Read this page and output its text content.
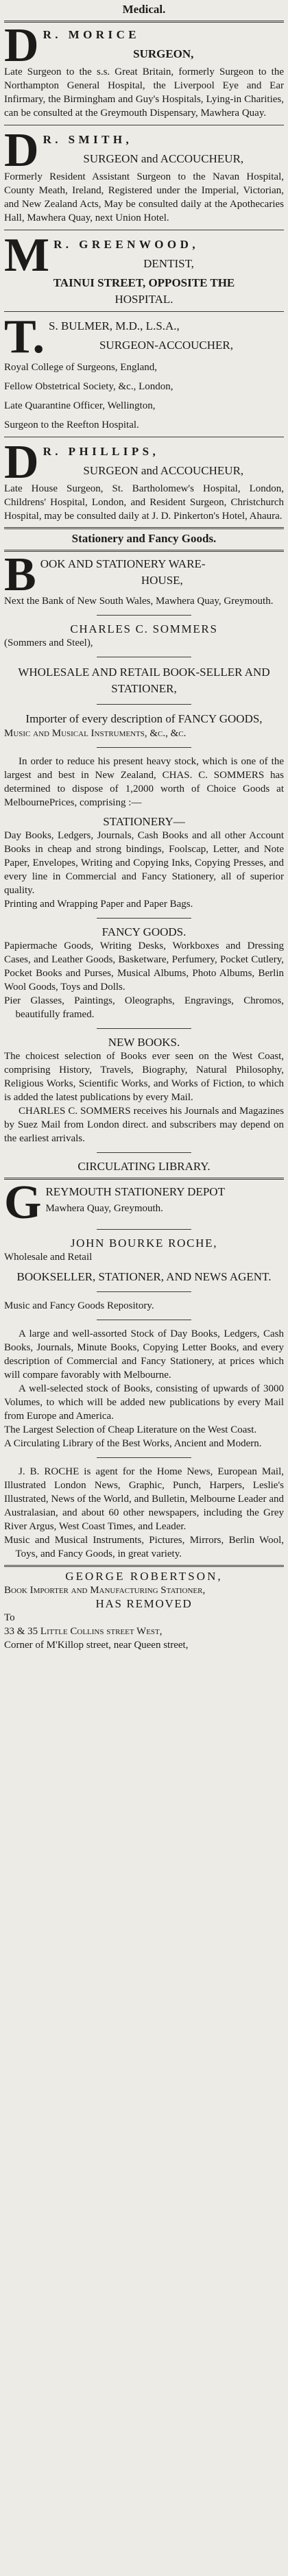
Medical.
D R. MORICE
SURGEON,

Late Surgeon to the s.s. Great Britain, formerly Surgeon to the Northampton General Hospital, the Liverpool Eye and Ear Infirmary, the Birmingham and Guy's Hospitals, Lying-in Charities, can be consulted at the Greymouth Dispensary, Mawhera Quay.

D R. SMITH,
SURGEON and ACCOUCHEUR,

Formerly Resident Assistant Surgeon to the Navan Hospital, County Meath, Ireland, Registered under the Imperial, Victorian, and New Zealand Acts, May be consulted daily at the Apothecaries Hall, Mawhera Quay, next Union Hotel.

M R. GREENWOOD,
DENTIST,
TAINUI STREET, OPPOSITE THE
HOSPITAL.
T. S. BULMER, M.D., L.S.A.,
SURGEON-ACCOUCHER,
Royal College of Surgeons, England,
Fellow Obstetrical Society, &c., London,
Late Quarantine Officer, Wellington,
Surgeon to the Reefton Hospital.
D R. PHILLIPS,
SURGEON and ACCOUCHEUR,

Late House Surgeon, St. Bartholomew's Hospital, London, Childrens' Hospital, London, and Resident Surgeon, Christchurch Hospital, may be consulted daily at J. D. Pinkerton's Hotel, Ahaura.

Stationery and Fancy Goods.
B OOK AND STATIONERY WARE-
HOUSE,

Next the Bank of New South Wales, Mawhera Quay, Greymouth.

CHARLES C. SOMMERS
(Sommers and Steel),
WHOLESALE AND RETAIL BOOK-SELLER AND STATIONER,
Importer of every description of FANCY GOODS,
Music and Musical Instruments, &c., &c.

In order to reduce his present heavy stock, which is one of the largest and best in New Zealand, CHAS. C. SOMMERS has determined to dispose of 1,2000 worth of Choice Goods at MelbournePrices, comprising :—

STATIONERY—

Day Books, Ledgers, Journals, Cash Books and all other Account Books in cheap and strong bindings, Foolscap, Letter, and Note Paper, Envelopes, Writing and Copying Inks, Copying Presses, and every line in Commercial and Fancy Stationery, all of superior quality.

Printing and Wrapping Paper and Paper Bags.

FANCY GOODS.

Papiermache Goods, Writing Desks, Workboxes and Dressing Cases, and Leather Goods, Basketware, Perfumery, Pocket Cutlery, Pocket Books and Purses, Musical Albums, Photo Albums, Berlin Wool Goods, Toys and Dolls.

Pier Glasses, Paintings, Oleographs, Engravings, Chromos, beautifully framed.

NEW BOOKS.

The choicest selection of Books ever seen on the West Coast, comprising History, Travels, Biography, Natural Philosophy, Religious Works, Scientific Works, and Works of Fiction, to which is added the latest publications by every Mail.

CHARLES C. SOMMERS receives his Journals and Magazines by Suez Mail from London direct. and subscribers may depend on the earliest arrivals.

CIRCULATING LIBRARY.
G REYMOUTH STATIONERY DEPOT
Mawhera Quay, Greymouth.
JOHN BOURKE ROCHE,
Wholesale and Retail
BOOKSELLER, STATIONER, AND NEWS AGENT.
Music and Fancy Goods Repository.

A large and well-assorted Stock of Day Books, Ledgers, Cash Books, Journals, Minute Books, Copying Letter Books, and every description of Commercial and Fancy Stationery, at prices which will compare favorably with Melbourne.

A well-selected stock of Books, consisting of upwards of 3000 Volumes, to which will be added new publications by every Mail from Europe and America.

The Largest Selection of Cheap Literature on the West Coast.

A Circulating Library of the Best Works, Ancient and Modern.

J. B. ROCHE is agent for the Home News, European Mail, Illustrated London News, Graphic, Punch, Harpers, Leslie's Illustrated, News of the World, and Bulletin, Melbourne Leader and Australasian, and about 60 other newspapers, including the Grey River Argus, West Coast Times, and Leader.

Music and Musical Instruments, Pictures, Mirrors, Berlin Wool, Toys, and Fancy Goods, in great variety.

GEORGE ROBERTSON,
Book Importer and Manufacturing Stationer,
HAS REMOVED
To
33 & 35 Little Collins street West,
Corner of M'Killop street, near Queen street,
